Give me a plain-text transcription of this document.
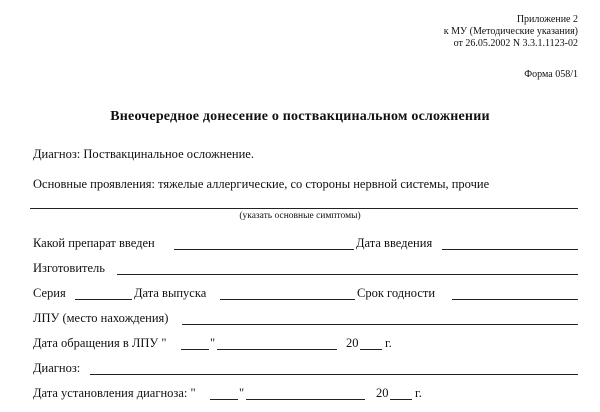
Приложение 2
к МУ (Методические указания)
от 26.05.2002 N 3.3.1.1123-02
Форма 058/1
Внеочередное донесение о поствакцинальном осложнении
Диагноз: Поствакцинальное осложнение.
Основные проявления: тяжелые аллергические, со стороны нервной системы, прочие
(указать основные симптомы)
Какой препарат введен	Дата введения
Изготовитель
Серия	Дата выпуска	Срок годности
ЛПУ (место нахождения)
Дата обращения в ЛПУ "	"	20 г.
Диагноз:
Дата установления диагноза: "	"	20 г.
